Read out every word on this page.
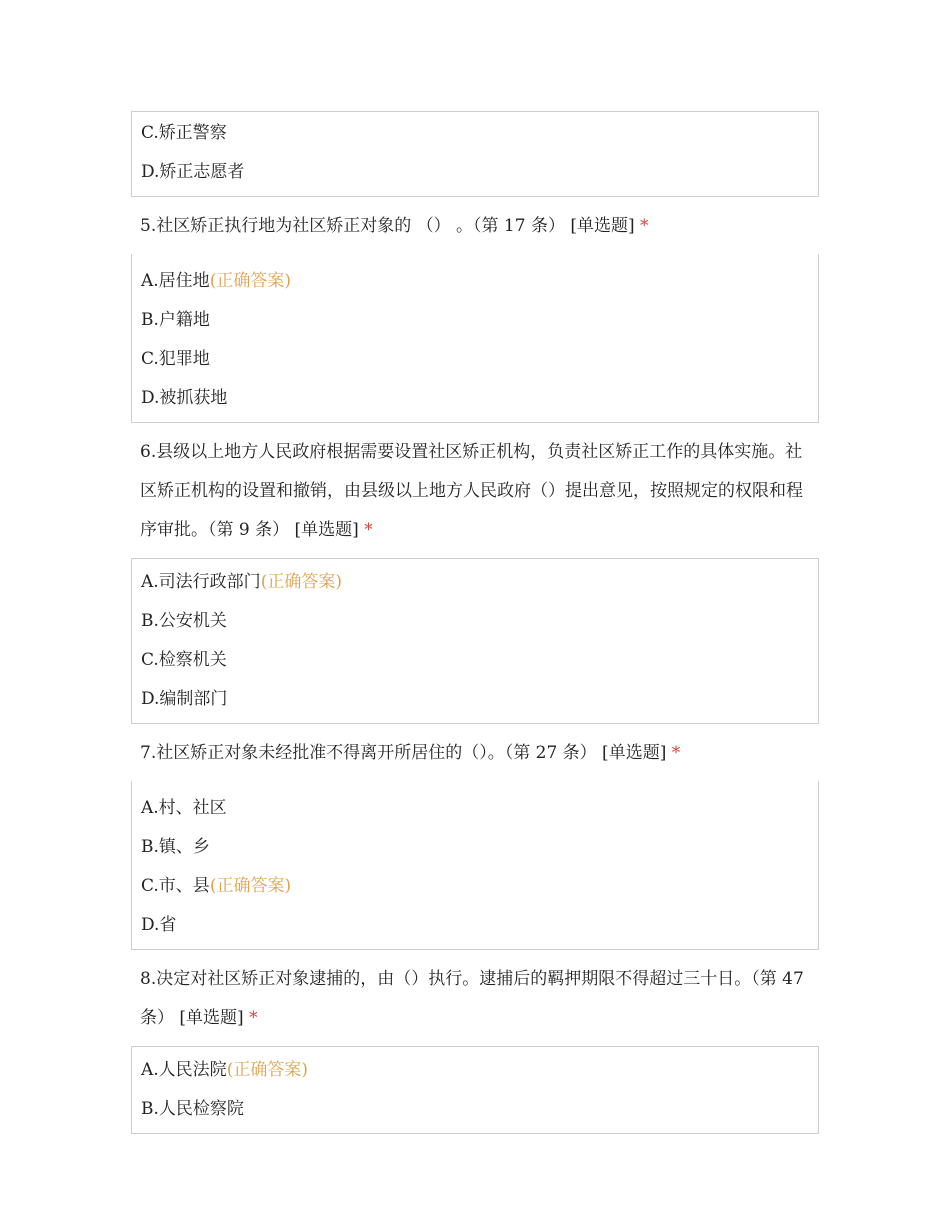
C.矫正警察
D.矫正志愿者
5.社区矫正执行地为社区矫正对象的 （） 。（第 17 条） [单选题] *
A.居住地(正确答案)
B.户籍地
C.犯罪地
D.被抓获地
6.县级以上地方人民政府根据需要设置社区矫正机构，负责社区矫正工作的具体实施。社区矫正机构的设置和撤销，由县级以上地方人民政府（）提出意见，按照规定的权限和程序审批。（第 9 条） [单选题] *
A.司法行政部门(正确答案)
B.公安机关
C.检察机关
D.编制部门
7.社区矫正对象未经批准不得离开所居住的（）。（第 27 条） [单选题] *
A.村、社区
B.镇、乡
C.市、县(正确答案)
D.省
8.决定对社区矫正对象逮捕的，由（）执行。逮捕后的羁押期限不得超过三十日。（第 47 条） [单选题] *
A.人民法院(正确答案)
B.人民检察院
